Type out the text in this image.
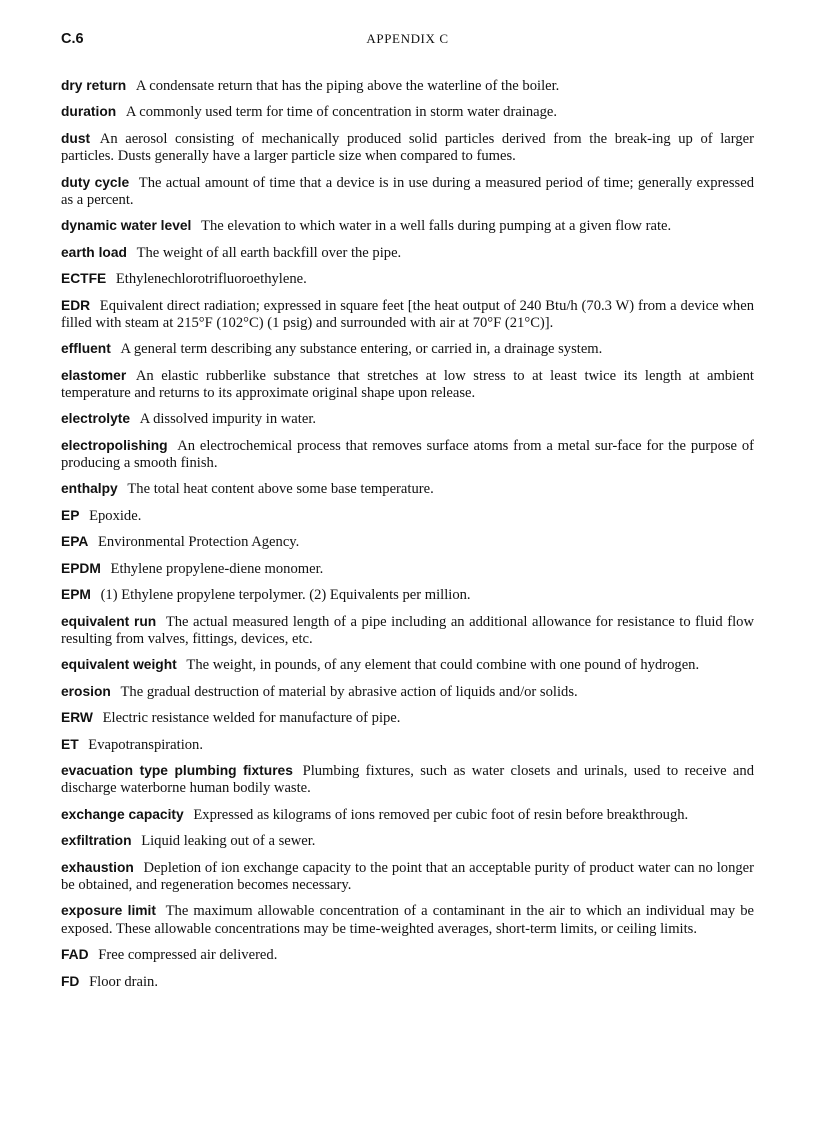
C.6	APPENDIX C

dry return A condensate return that has the piping above the waterline of the boiler.

duration A commonly used term for time of concentration in storm water drainage.

dust An aerosol consisting of mechanically produced solid particles derived from the break-ing up of larger particles. Dusts generally have a larger particle size when compared to fumes.

duty cycle The actual amount of time that a device is in use during a measured period of time; generally expressed as a percent.

dynamic water level The elevation to which water in a well falls during pumping at a given flow rate.

earth load The weight of all earth backfill over the pipe.

ECTFE Ethylenechlorotrifluoroethylene.

EDR Equivalent direct radiation; expressed in square feet [the heat output of 240 Btu/h (70.3 W) from a device when filled with steam at 215°F (102°C) (1 psig) and surrounded with air at 70°F (21°C)].

effluent A general term describing any substance entering, or carried in, a drainage system.

elastomer An elastic rubberlike substance that stretches at low stress to at least twice its length at ambient temperature and returns to its approximate original shape upon release.

electrolyte A dissolved impurity in water.

electropolishing An electrochemical process that removes surface atoms from a metal sur-face for the purpose of producing a smooth finish.

enthalpy The total heat content above some base temperature.

EP Epoxide.

EPA Environmental Protection Agency.

EPDM Ethylene propylene-diene monomer.

EPM (1) Ethylene propylene terpolymer. (2) Equivalents per million.

equivalent run The actual measured length of a pipe including an additional allowance for resistance to fluid flow resulting from valves, fittings, devices, etc.

equivalent weight The weight, in pounds, of any element that could combine with one pound of hydrogen.

erosion The gradual destruction of material by abrasive action of liquids and/or solids.

ERW Electric resistance welded for manufacture of pipe.

ET Evapotranspiration.

evacuation type plumbing fixtures Plumbing fixtures, such as water closets and urinals, used to receive and discharge waterborne human bodily waste.

exchange capacity Expressed as kilograms of ions removed per cubic foot of resin before breakthrough.

exfiltration Liquid leaking out of a sewer.

exhaustion Depletion of ion exchange capacity to the point that an acceptable purity of product water can no longer be obtained, and regeneration becomes necessary.

exposure limit The maximum allowable concentration of a contaminant in the air to which an individual may be exposed. These allowable concentrations may be time-weighted averages, short-term limits, or ceiling limits.

FAD Free compressed air delivered.

FD Floor drain.
